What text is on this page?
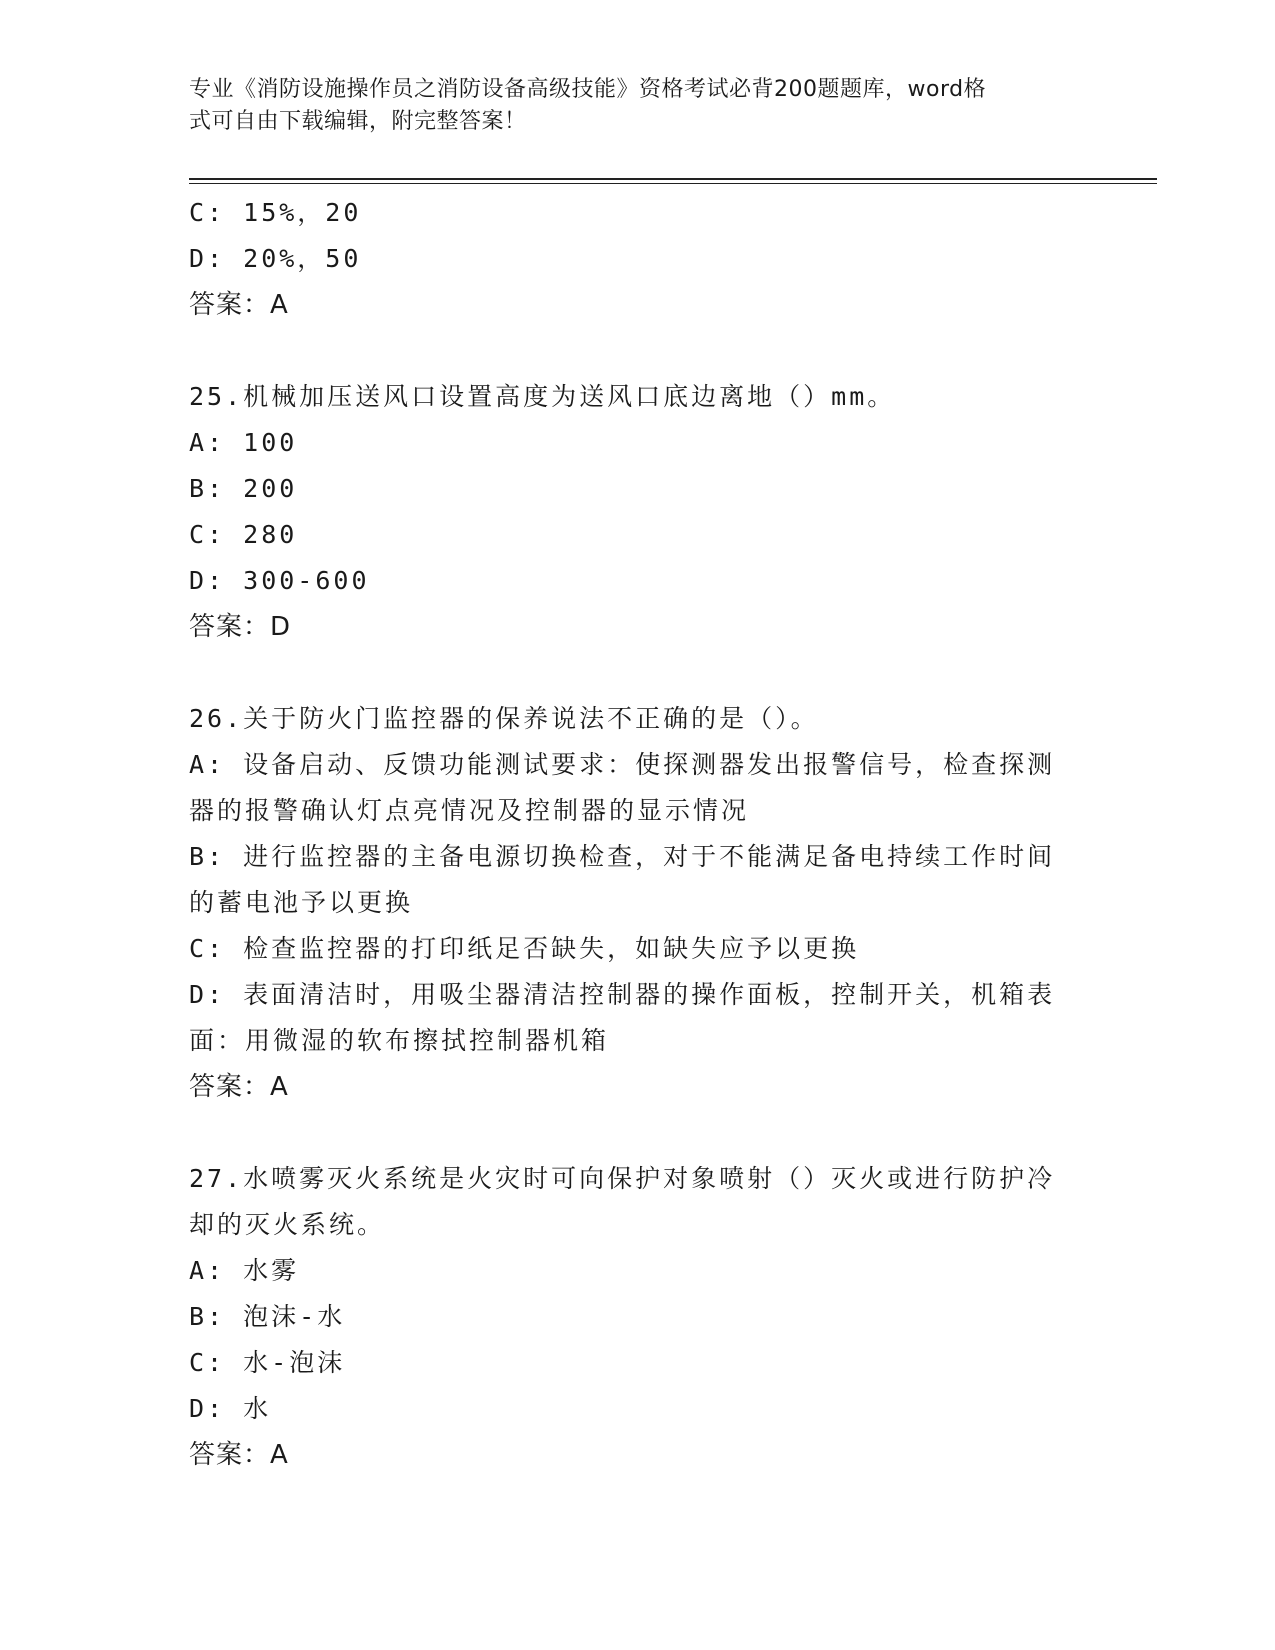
专业《消防设施操作员之消防设备高级技能》资格考试必背200题题库，word格

式可自由下载编辑，附完整答案！

C: 15%，20

D: 20%，50

答案：A

25.机械加压送风口设置高度为送风口底边离地（）mm。

A: 100

B: 200

C: 280

D: 300-600

答案：D

26.关于防火门监控器的保养说法不正确的是（）。

A: 设备启动、反馈功能测试要求：使探测器发出报警信号，检查探测

器的报警确认灯点亮情况及控制器的显示情况

B: 进行监控器的主备电源切换检查，对于不能满足备电持续工作时间

的蓄电池予以更换

C: 检查监控器的打印纸足否缺失，如缺失应予以更换

D: 表面清洁时，用吸尘器清洁控制器的操作面板，控制开关，机箱表

面：用微湿的软布擦拭控制器机箱

答案：A

27.水喷雾灭火系统是火灾时可向保护对象喷射（）灭火或进行防护冷

却的灭火系统。

A: 水雾

B: 泡沫-水

C: 水-泡沫

D: 水

答案：A
